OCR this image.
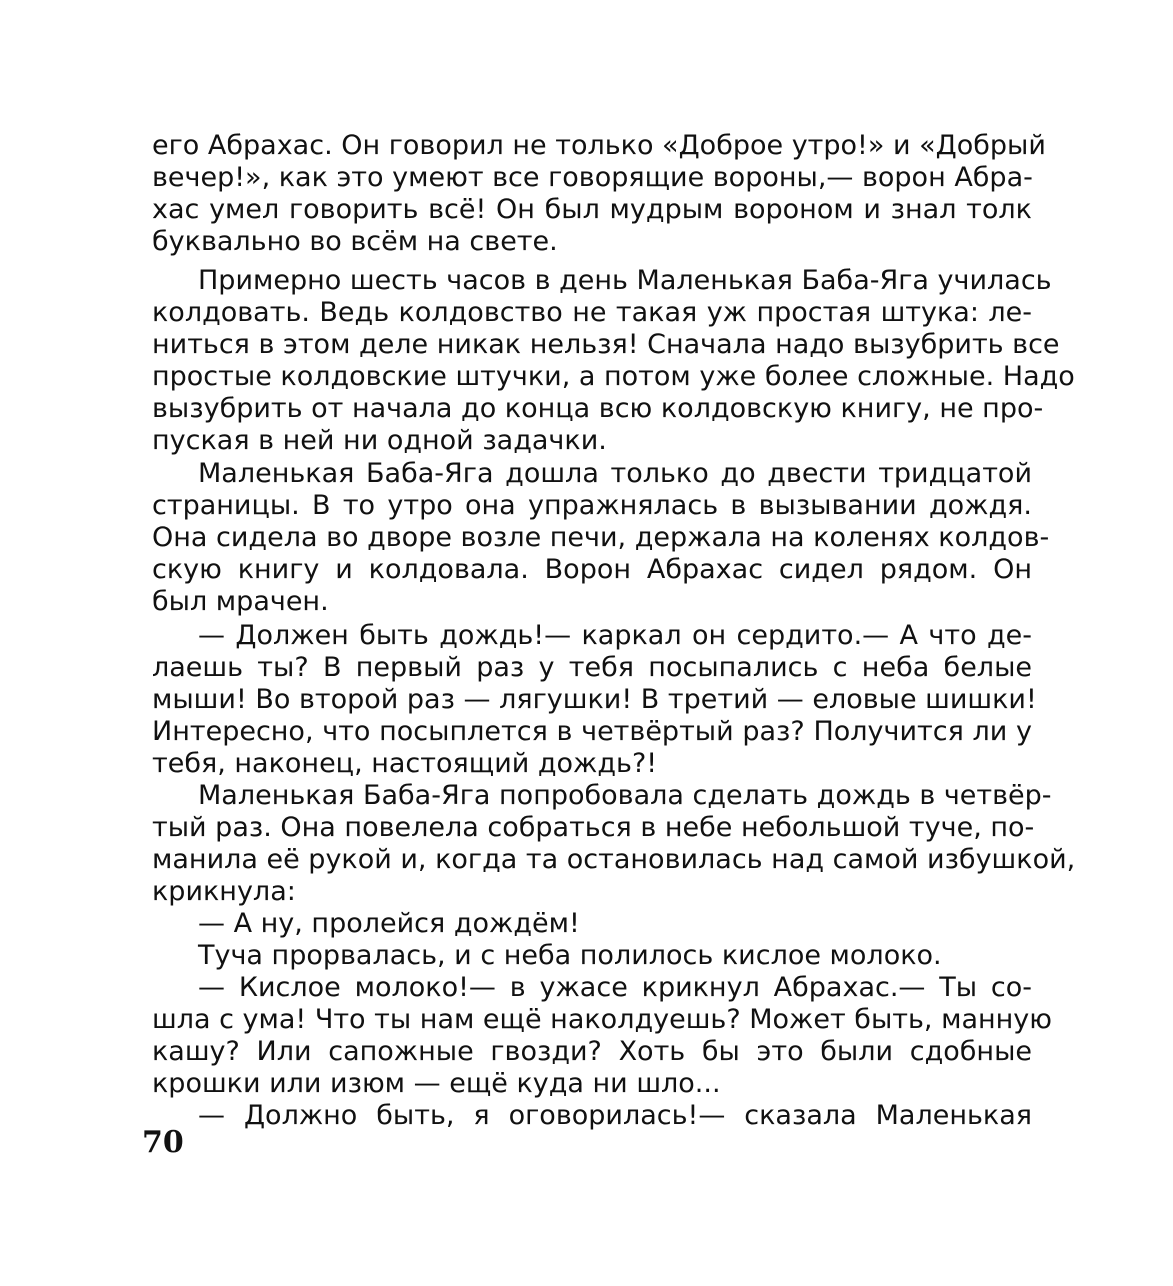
его Абрахас. Он говорил не только «Доброе утро!» и «Добрый
вечер!», как это умеют все говорящие вороны,— ворон Абра-
хас умел говорить всё! Он был мудрым вороном и знал толк
буквально во всём на свете.
Примерно шесть часов в день Маленькая Баба-Яга училась
колдовать. Ведь колдовство не такая уж простая штука: ле-
ниться в этом деле никак нельзя! Сначала надо вызубрить все
простые колдовские штучки, а потом уже более сложные. Надо
вызубрить от начала до конца всю колдовскую книгу, не про-
пуская в ней ни одной задачки.
Маленькая Баба-Яга дошла только до двести тридцатой
страницы. В то утро она упражнялась в вызывании дождя.
Она сидела во дворе возле печи, держала на коленях колдов-
скую книгу и колдовала. Ворон Абрахас сидел рядом. Он
был мрачен.
— Должен быть дождь!— каркал он сердито.— А что де-
лаешь ты? В первый раз у тебя посыпались с неба белые
мыши! Во второй раз — лягушки! В третий — еловые шишки!
Интересно, что посыплется в четвёртый раз? Получится ли у
тебя, наконец, настоящий дождь?!
Маленькая Баба-Яга попробовала сделать дождь в четвёр-
тый раз. Она повелела собраться в небе небольшой туче, по-
манила её рукой и, когда та остановилась над самой избушкой,
крикнула:
— А ну, пролейся дождём!
Туча прорвалась, и с неба полилось кислое молоко.
— Кислое молоко!— в ужасе крикнул Абрахас.— Ты со-
шла с ума! Что ты нам ещё наколдуешь? Может быть, манную
кашу? Или сапожные гвозди? Хоть бы это были сдобные
крошки или изюм — ещё куда ни шло...
— Должно быть, я оговорилась!— сказала Маленькая
70
